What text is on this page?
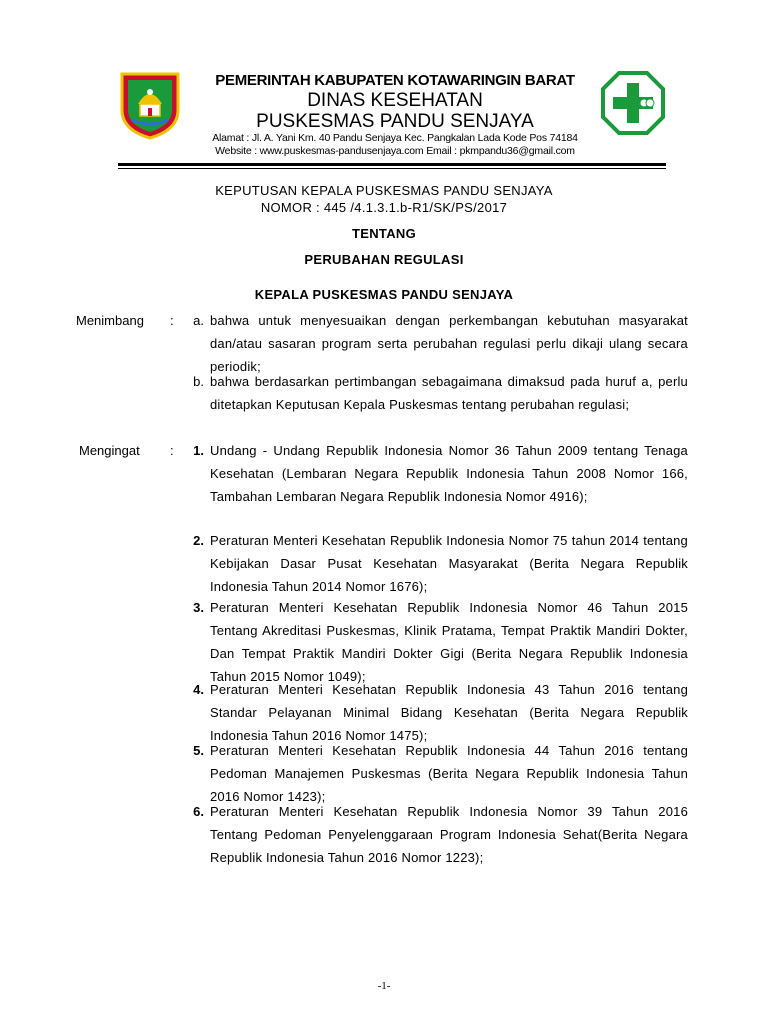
PEMERINTAH KABUPATEN KOTAWARINGIN BARAT
DINAS KESEHATAN
PUSKESMAS PANDU SENJAYA
Alamat : Jl. A. Yani Km. 40 Pandu Senjaya Kec. Pangkalan Lada Kode Pos 74184
Website : www.puskesmas-pandusenjaya.com Email : pkmpandu36@gmail.com
KEPUTUSAN KEPALA PUSKESMAS PANDU SENJAYA
NOMOR : 445 /4.1.3.1.b-R1/SK/PS/2017
TENTANG
PERUBAHAN REGULASI
KEPALA PUSKESMAS PANDU SENJAYA
Menimbang :	a. bahwa untuk menyesuaikan dengan perkembangan kebutuhan masyarakat dan/atau sasaran program serta perubahan regulasi perlu dikaji ulang secara periodik;
b. bahwa berdasarkan pertimbangan sebagaimana dimaksud pada huruf a, perlu ditetapkan Keputusan Kepala Puskesmas tentang perubahan regulasi;
Mengingat :	1. Undang - Undang Republik Indonesia Nomor 36 Tahun 2009 tentang Tenaga Kesehatan (Lembaran Negara Republik Indonesia Tahun 2008 Nomor 166, Tambahan Lembaran Negara Republik Indonesia Nomor 4916);
2. Peraturan Menteri Kesehatan Republik Indonesia Nomor 75 tahun 2014 tentang Kebijakan Dasar Pusat Kesehatan Masyarakat (Berita Negara Republik Indonesia Tahun 2014 Nomor 1676);
3. Peraturan Menteri Kesehatan Republik Indonesia Nomor 46 Tahun 2015 Tentang Akreditasi Puskesmas, Klinik Pratama, Tempat Praktik Mandiri Dokter, Dan Tempat Praktik Mandiri Dokter Gigi (Berita Negara Republik Indonesia Tahun 2015 Nomor 1049);
4. Peraturan Menteri Kesehatan Republik Indonesia 43 Tahun 2016 tentang Standar Pelayanan Minimal Bidang Kesehatan (Berita Negara Republik Indonesia Tahun 2016 Nomor 1475);
5. Peraturan Menteri Kesehatan Republik Indonesia 44 Tahun 2016 tentang Pedoman Manajemen Puskesmas (Berita Negara Republik Indonesia Tahun 2016 Nomor 1423);
6. Peraturan Menteri Kesehatan Republik Indonesia Nomor 39 Tahun 2016 Tentang Pedoman Penyelenggaraan Program Indonesia Sehat(Berita Negara Republik Indonesia Tahun 2016 Nomor 1223);
-1-
